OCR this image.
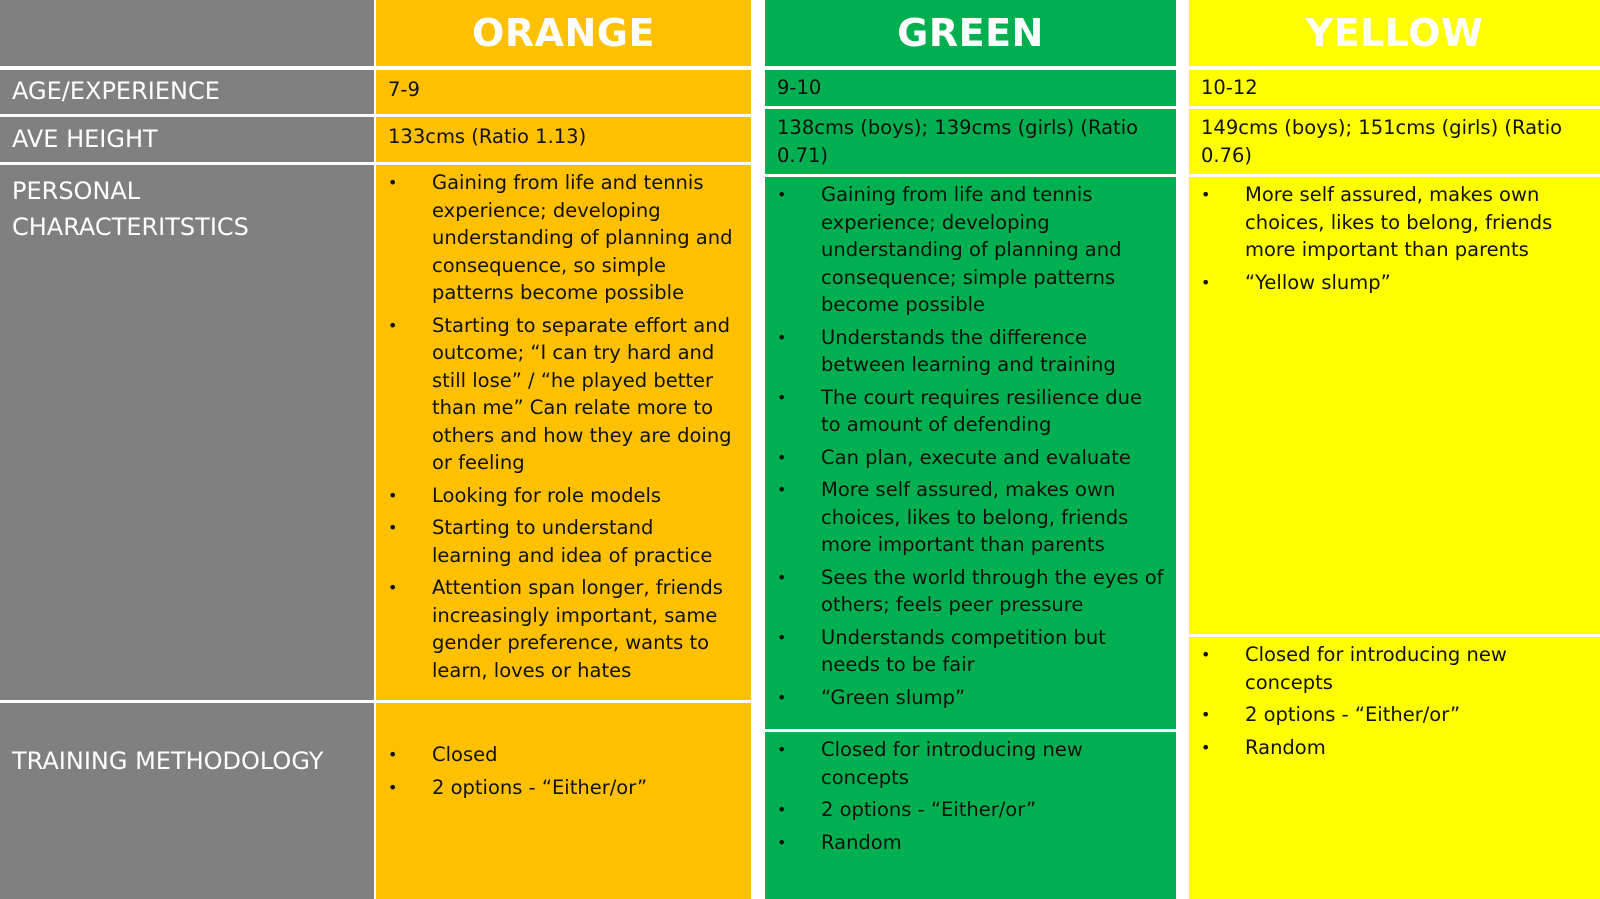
ORANGE	GREEN	YELLOW
AGE/EXPERIENCE
AVE HEIGHT
PERSONAL CHARACTERITSTICS
TRAINING METHODOLOGY
7-9
133cms (Ratio 1.13)
• Gaining from life and tennis experience; developing understanding of planning and consequence, so simple patterns become possible
• Starting to separate effort and outcome; “I can try hard and still lose” / “he played better than me” Can relate more to others and how they are doing or feeling
• Looking for role models
• Starting to understand learning and idea of practice
• Attention span longer, friends increasingly important, same gender preference, wants to learn, loves or hates
• Closed
• 2 options - “Either/or”
9-10
138cms (boys); 139cms (girls) (Ratio 0.71)
• Gaining from life and tennis experience; developing understanding of planning and consequence; simple patterns become possible
• Understands the difference between learning and training
• The court requires resilience due to amount of defending
• Can plan, execute and evaluate
• More self assured, makes own choices, likes to belong, friends more important than parents
• Sees the world through the eyes of others; feels peer pressure
• Understands competition but needs to be fair
• “Green slump”
• Closed for introducing new concepts
• 2 options - “Either/or”
• Random
10-12
149cms (boys); 151cms (girls) (Ratio 0.76)
• More self assured, makes own choices, likes to belong, friends more important than parents
• “Yellow slump”
• Closed for introducing new concepts
• 2 options - “Either/or”
• Random
